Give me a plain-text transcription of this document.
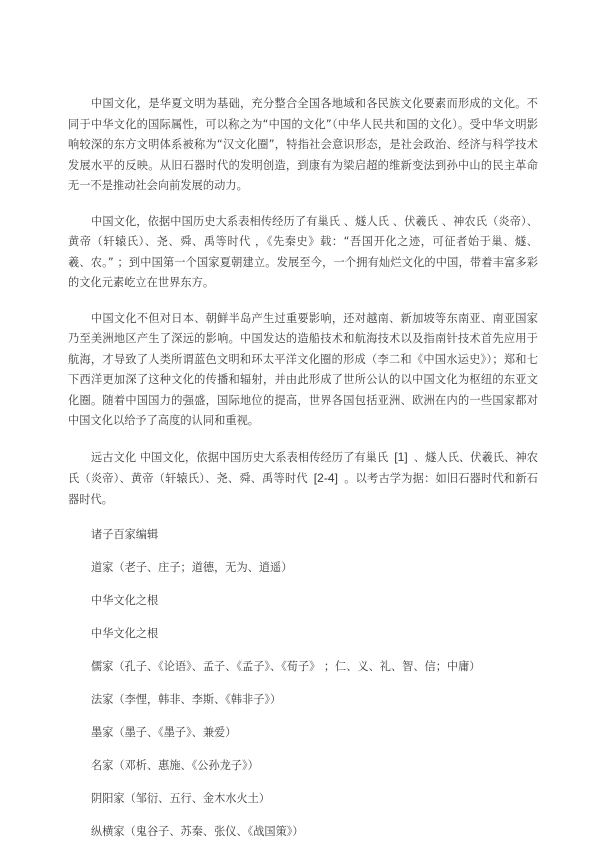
中国文化，是华夏文明为基础，充分整合全国各地域和各民族文化要素而形成的文化。不同于中华文化的国际属性，可以称之为“中国的文化”（中华人民共和国的文化）。受中华文明影响较深的东方文明体系被称为“汉文化圈”，特指社会意识形态，是社会政治、经济与科学技术发展水平的反映。从旧石器时代的发明创造，到康有为梁启超的维新变法到孙中山的民主革命无一不是推动社会向前发展的动力。

中国文化，依据中国历史大系表相传经历了有巢氏 、燧人氏 、伏羲氏 、神农氏（炎帝）、黄帝（轩辕氏）、尧、舜、禹等时代 ，《先秦史》载：“吾国开化之迹，可征者始于巢、燧、羲、农。” ；到中国第一个国家夏朝建立。发展至今，一个拥有灿烂文化的中国，带着丰富多彩的文化元素屹立在世界东方。

中国文化不但对日本、朝鲜半岛产生过重要影响，还对越南、新加坡等东南亚、南亚国家乃至美洲地区产生了深远的影响。中国发达的造船技术和航海技术以及指南针技术首先应用于航海，才导致了人类所谓蓝色文明和环太平洋文化圈的形成（李二和《中国水运史》）；郑和七下西洋更加深了这种文化的传播和辐射，并由此形成了世所公认的以中国文化为枢纽的东亚文化圈。随着中国国力的强盛，国际地位的提高，世界各国包括亚洲、欧洲在内的一些国家都对中国文化以给予了高度的认同和重视。

远古文化 中国文化，依据中国历史大系表相传经历了有巢氏 [1] 、燧人氏、伏羲氏、神农氏（炎帝）、黄帝（轩辕氏）、尧、舜、禹等时代 [2-4] 。以考古学为据：如旧石器时代和新石器时代。

诸子百家编辑
道家（老子、庄子；道德，无为、逍遥）
中华文化之根
中华文化之根
儒家（孔子、《论语》、孟子、《孟子》、《荀子》 ；仁、义、礼、智、信；中庸）
法家（李悝，韩非、李斯、《韩非子》）
墨家（墨子、《墨子》、兼爱）
名家（邓析、惠施、《公孙龙子》）
阴阳家（邹衍、五行、金木水火土）
纵横家（鬼谷子、苏秦、张仪、《战国策》）
